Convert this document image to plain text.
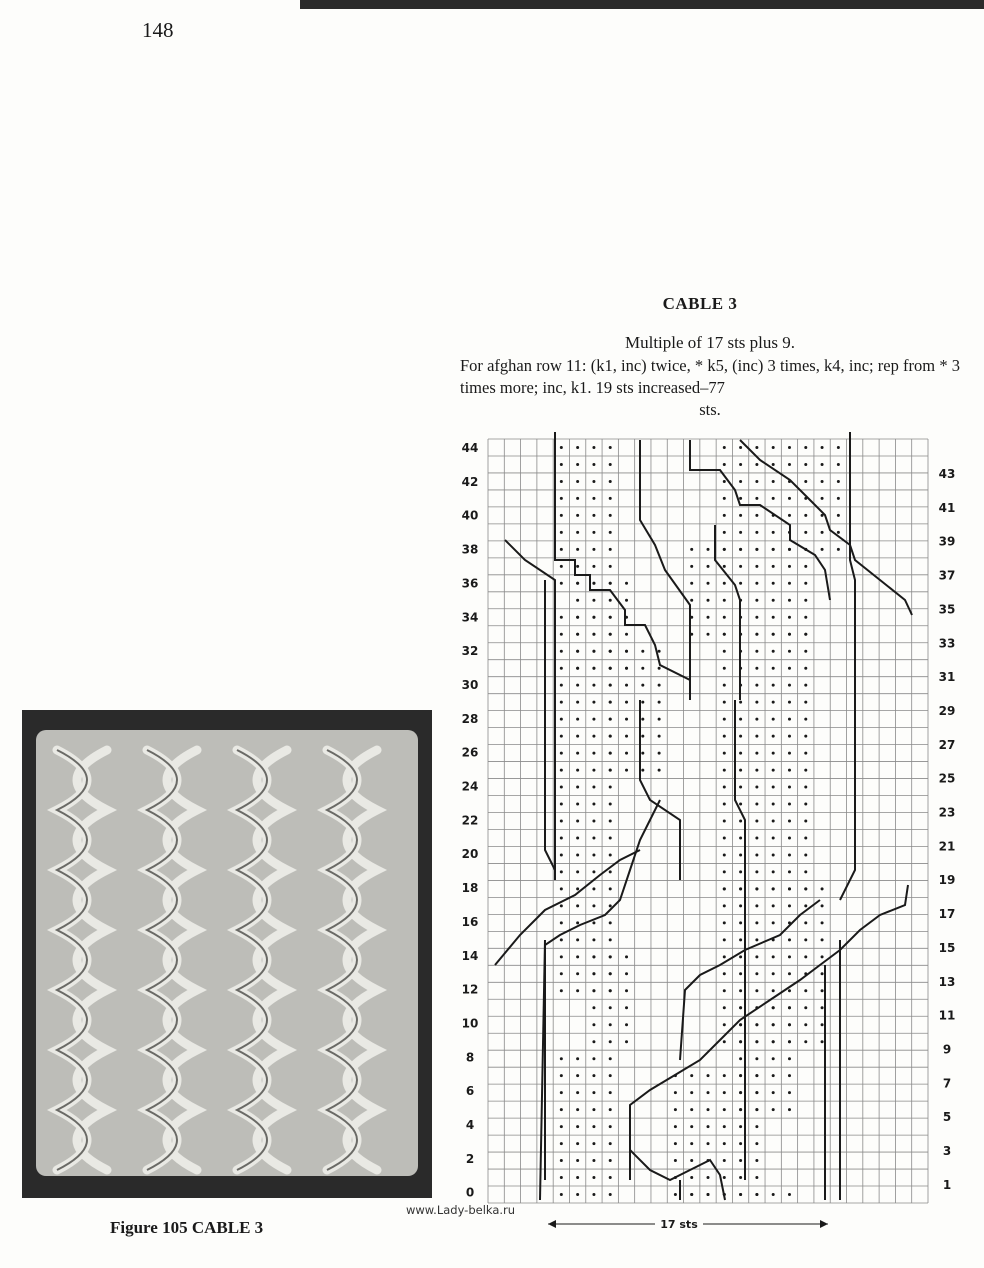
148
CABLE 3
Multiple of 17 sts plus 9.
For afghan row 11: (k1, inc) twice, * k5, (inc) 3 times, k4, inc; rep from * 3 times more; inc, k1. 19 sts increased–77
sts.
44
42
40
38
36
34
32
30
28
26
24
22
20
18
16
14
12
10
8
6
4
2
0
43
41
39
37
35
33
31
29
27
25
23
21
19
17
15
13
11
9
7
5
3
1
17 sts
Figure 105 CABLE 3
www.Lady-belka.ru
